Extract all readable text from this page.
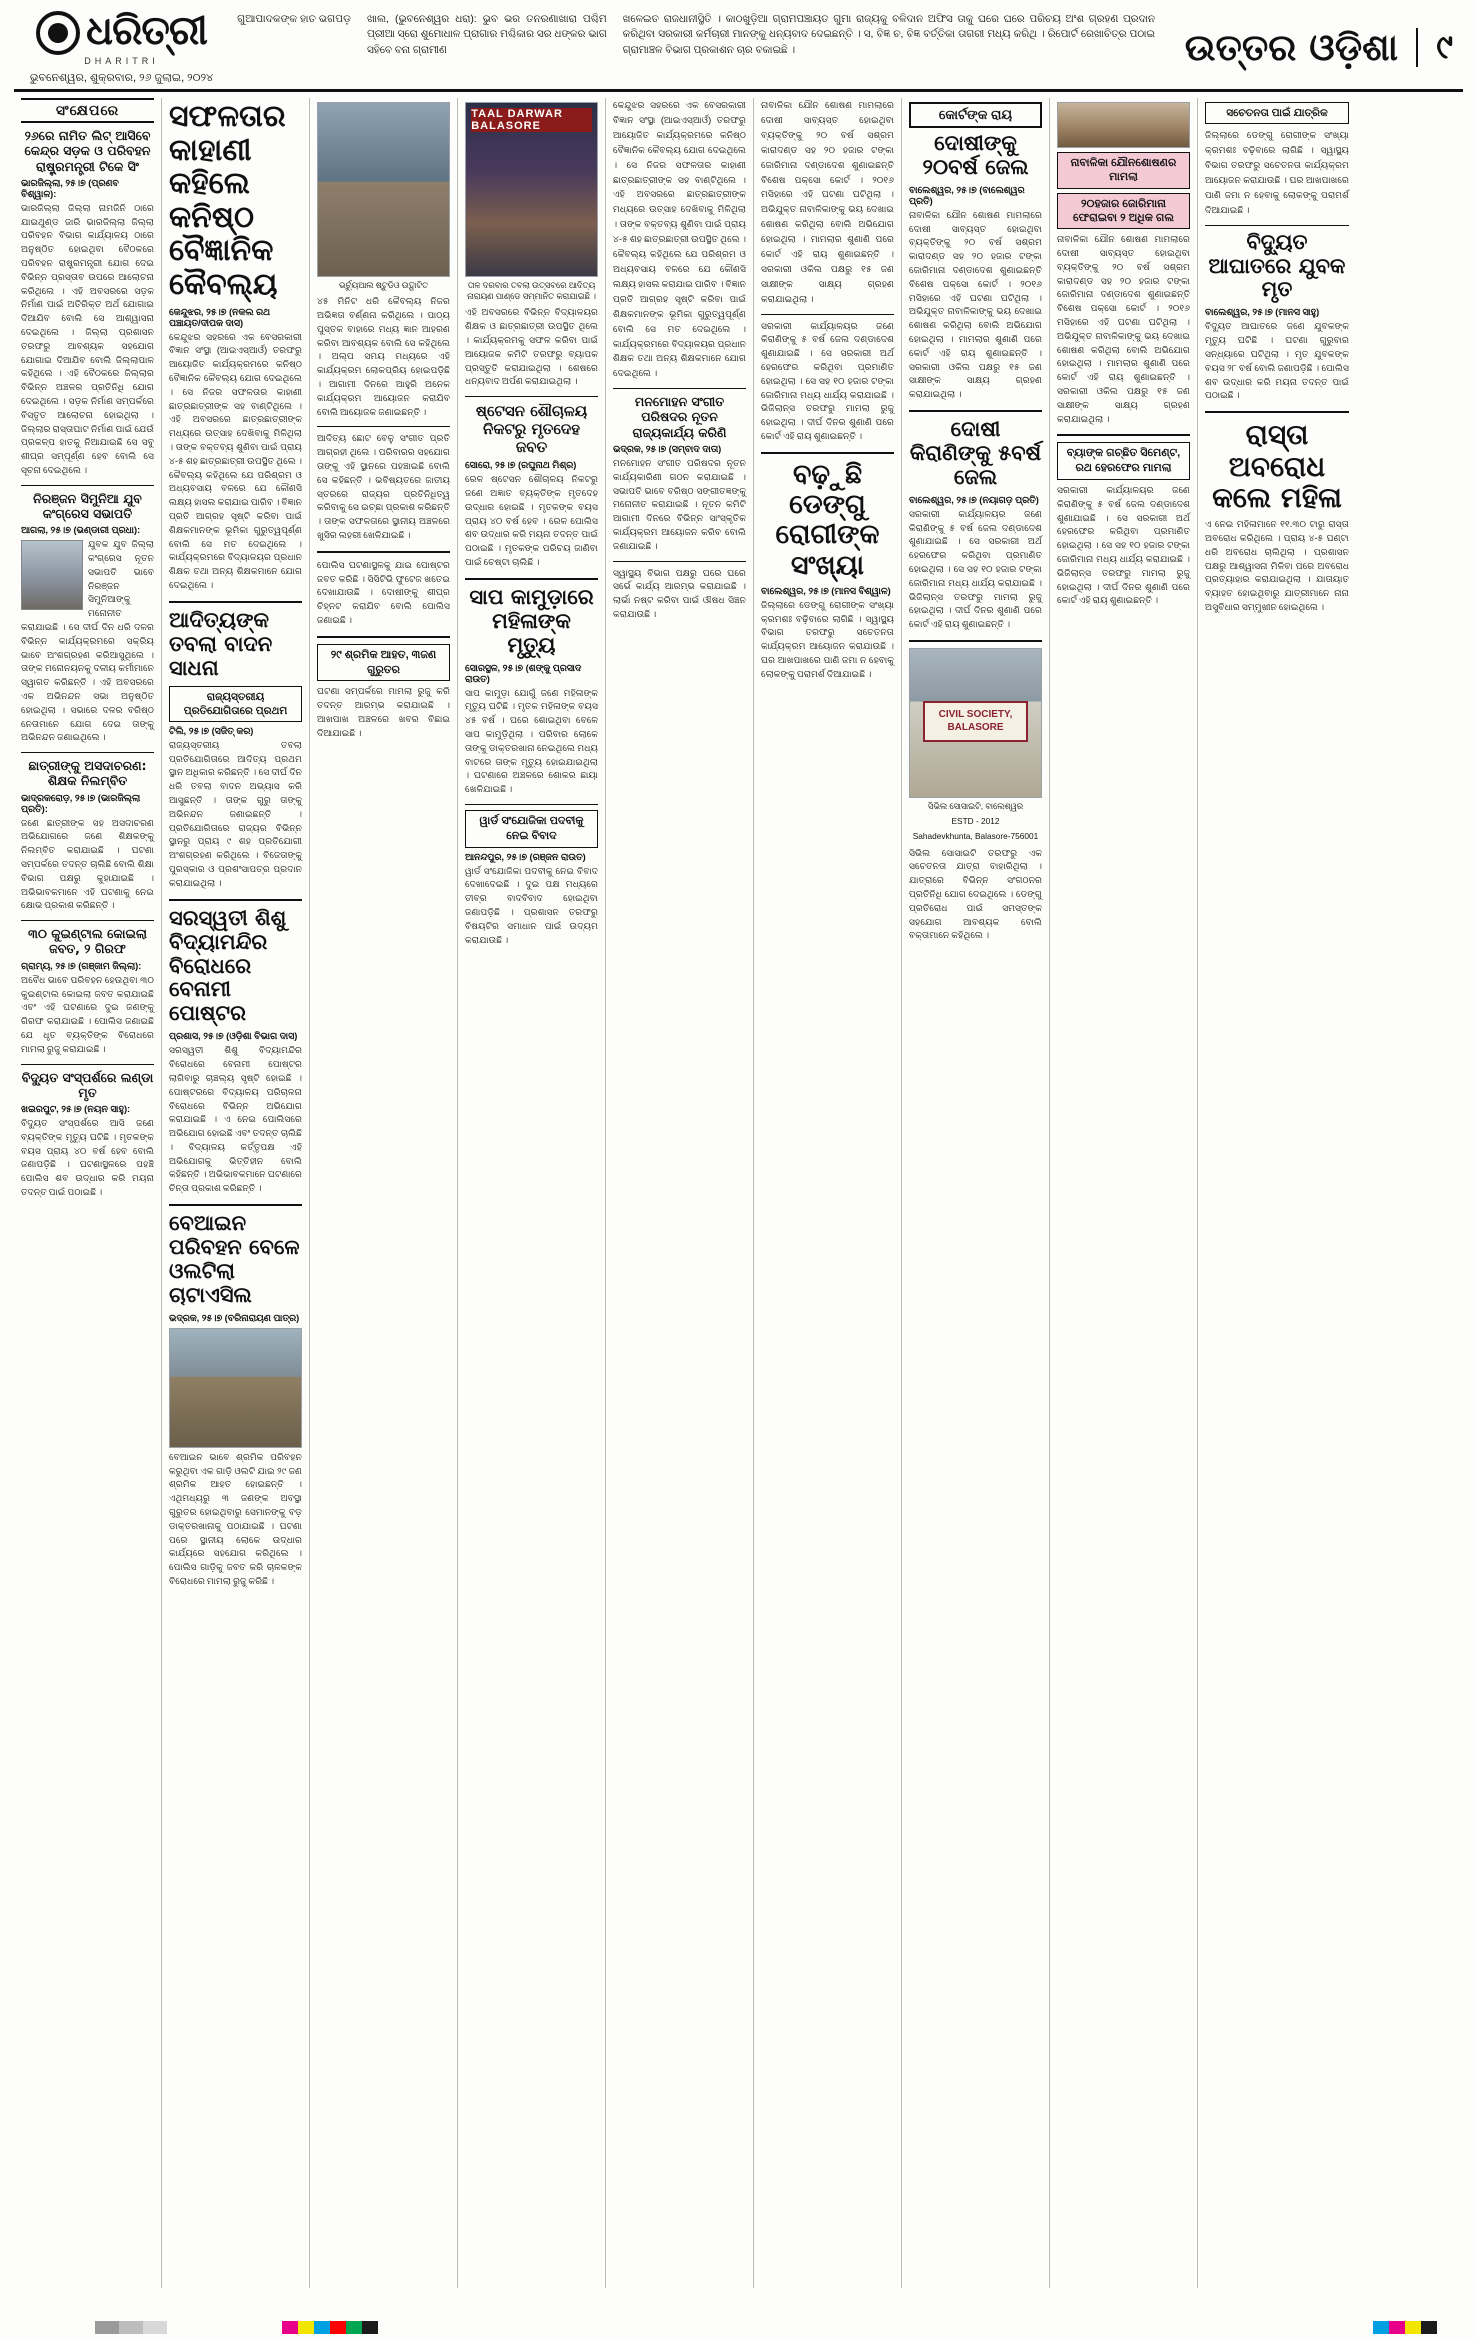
ଧରିତ୍ରୀ
DHARITRI
ଭୁବନେଶ୍ୱର, ଶୁକ୍ରବାର, ୨୬ ଜୁଲାଇ, ୨୦୨୪
ଗୁଆପାଦକଙ୍କ ହାତ ଭଗପଡ଼	ଖାଲ, (ଭୁବନେଶ୍ୱର ଧରା): ଭୁବ ଭର ତନରଣାଖାରା ପଶ୍ଚିମ ପ୍ରୀଆ ସ୍ରୋ ଶୁମୋଧାଳ ପ୍ରାଗାର ମଶ୍ଚିକାର ସର ଧଙ୍କର ଭାଗ ସହିବେ ବନା ଗ୍ରାମୀଣ
ଖଳେଇତ ରାଜଧାନୀସ୍ଥିତି । କାଠଖୁଡ଼ିଆ ଗ୍ରାମପଞ୍ଚାୟତ ଗୁମା ରାଜ୍ୟକୁ ବଳିଦାନ ଅଫିସ ତାକୁ ଘରେ ଘରେ ପରିଚୟ ଅଂଶ ଗ୍ରହଣ ପ୍ରଦାନ କରିଥିବା ସରକାରୀ କର୍ମଚାରୀ ମାନଙ୍କୁ ଧନ୍ୟବାଦ ଦେଇଛନ୍ତି । ସ, ବିଜ୍ଞ ଚ, ବିଜ୍ଞ ବର୍ତ୍ତିକା ତାଗରୀ ମଧ୍ୟ କରିଥି । ରିପୋର୍ଟ ରେଖାଚିତ୍ର ପଠାଇ ଗ୍ରାମାଞ୍ଚଳ ବିଭାଗ ପ୍ରକାଶନ ଚାର ବକାଇଛି ।	ଉତ୍ତର ଓଡ଼ିଶା	୯
ସଂକ୍ଷେପରେ
୨୬ରେ ନାମିତ ଲିଟ୍ ଆସିବେ କେନ୍ଦ୍ର ସଡ଼କ ଓ ପରିବହନ ରାଷ୍ଟ୍ରମନ୍ତ୍ରୀ ଟିକେ ସିଂ
ଭାରଜିଲ୍ଲା, ୨୫।୭ (ପ୍ରଣବ ବିଶ୍ୱାଳ):
ଭାରଜିଲ୍ଲା ଜିଲ୍ଲା ନାମଜିନି ଠାରେ ଯାଇଥୁଣ୍ଡ ଜାରି ଭାରଜିଲ୍ଲା ଜିଲ୍ଲା ପରିବହନ ବିଭାଗ କାର୍ଯ୍ୟାଳୟ ଠାରେ ଅନୁଷ୍ଠିତ ହୋଇଥିବା ବୈଠକରେ ପରିବହନ ରାଷ୍ଟ୍ରମନ୍ତ୍ରୀ ଯୋଗ ଦେଇ ବିଭିନ୍ନ ପ୍ରସ୍ତାବ ଉପରେ ଆଲୋଚନା କରିଥିଲେ । ଏହି ଅବସରରେ ସଡ଼କ ନିର୍ମାଣ ପାଇଁ ଅତିରିକ୍ତ ଅର୍ଥ ଯୋଗାଇ ଦିଆଯିବ ବୋଲି ସେ ଆଶ୍ୱାସନା ଦେଇଥିଲେ । ଜିଲ୍ଲା ପ୍ରଶାସନ ତରଫରୁ ଆବଶ୍ୟକ ସହଯୋଗ ଯୋଗାଇ ଦିଆଯିବ ବୋଲି ଜିଲ୍ଲାପାଳ କହିଥିଲେ । ଏହି ବୈଠକରେ ଜିଲ୍ଲାର ବିଭିନ୍ନ ଅଞ୍ଚଳର ପ୍ରତିନିଧି ଯୋଗ ଦେଇଥିଲେ । ସଡ଼କ ନିର୍ମାଣ ସମ୍ପର୍କରେ ବିସ୍ତୃତ ଆଲୋଚନା ହୋଇଥିଲା । ଜିଲ୍ଲାର ରାସ୍ତାଘାଟ ନିର୍ମାଣ ପାଇଁ ଯେଉଁ ପ୍ରକଳ୍ପ ହାତକୁ ନିଆଯାଇଛି ସେ ସବୁ ଶୀଘ୍ର ସମ୍ପୂର୍ଣ୍ଣ ହେବ ବୋଲି ସେ ସୂଚନା ଦେଇଥିଲେ ।
ନିରଞ୍ଜନ ସିମୁନିଆ ଯୁବ କଂଗ୍ରେସ ସଭାପତି
ଆଗଲା, ୨୫।୭ (ଭଣ୍ଡାରୀ ପ୍ରଧା):
ଯୁବକ ଯୁବ ଜିଲ୍ଲା କଂଗ୍ରେସ ନୂତନ ସଭାପତି ଭାବେ ନିରଞ୍ଜନ ସିମୁନିଆଙ୍କୁ ମନୋନୀତ କରାଯାଇଛି । ସେ ଦୀର୍ଘ ଦିନ ଧରି ଦଳର ବିଭିନ୍ନ କାର୍ଯ୍ୟକ୍ରମରେ ସକ୍ରିୟ ଭାବେ ଅଂଶଗ୍ରହଣ କରିଆସୁଥିଲେ । ତାଙ୍କ ମନୋନୟନକୁ ଦଳୀୟ କର୍ମୀମାନେ ସ୍ୱାଗତ କରିଛନ୍ତି । ଏହି ଅବସରରେ ଏକ ଅଭିନନ୍ଦନ ସଭା ଅନୁଷ୍ଠିତ ହୋଇଥିଲା । ସଭାରେ ଦଳର ବରିଷ୍ଠ ନେତାମାନେ ଯୋଗ ଦେଇ ତାଙ୍କୁ ଅଭିନନ୍ଦନ ଜଣାଇଥିଲେ ।
ଛାତ୍ରୀଙ୍କୁ ଅସଦାଚରଣ: ଶିକ୍ଷକ ନିଲମ୍ବିତ
ଭାଦ୍ରକରୋଡ଼, ୨୫।୭ (ଭାରଜିଲ୍ଲା ପ୍ରତି):
ଜଣେ ଛାତ୍ରୀଙ୍କ ସହ ଅସଦାଚରଣ ଅଭିଯୋଗରେ ଜଣେ ଶିକ୍ଷକଙ୍କୁ ନିଲମ୍ବିତ କରାଯାଇଛି । ଘଟଣା ସମ୍ପର୍କରେ ତଦନ୍ତ ଚାଲିଛି ବୋଲି ଶିକ୍ଷା ବିଭାଗ ପକ୍ଷରୁ କୁହାଯାଇଛି । ଅଭିଭାବକମାନେ ଏହି ଘଟଣାକୁ ନେଇ କ୍ଷୋଭ ପ୍ରକାଶ କରିଛନ୍ତି ।
୩୦ କୁଇଣ୍ଟାଲ କୋଇଲା ଜବତ, ୨ ଗିରଫ
ଗ୍ରାମ୍ୟ, ୨୫।୭ (ଗଞ୍ଜାମ ଜିଲ୍ଲା):
ଅବୈଧ ଭାବେ ପରିବହନ ହେଉଥିବା ୩୦ କୁଇଣ୍ଟାଲ କୋଇଲା ଜବତ କରାଯାଇଛି ଏବଂ ଏହି ଘଟଣାରେ ଦୁଇ ଜଣଙ୍କୁ ଗିରଫ କରାଯାଇଛି । ପୋଲିସ ଜଣାଇଛି ଯେ ଧୃତ ବ୍ୟକ୍ତିଙ୍କ ବିରୋଧରେ ମାମଲା ରୁଜୁ କରାଯାଇଛି ।
ବିଦ୍ୟୁତ ସଂସ୍ପର୍ଶରେ ଲଣ୍ଡା ମୃତ
ଖଇରପୁଟ, ୨୫।୭ (ନୟନ ସାହୁ):
ବିଦ୍ୟୁତ ସଂସ୍ପର୍ଶରେ ଆସି ଜଣେ ବ୍ୟକ୍ତିଙ୍କ ମୃତ୍ୟୁ ଘଟିଛି । ମୃତକଙ୍କ ବୟସ ପ୍ରାୟ ୪୦ ବର୍ଷ ହେବ ବୋଲି ଜଣାପଡ଼ିଛି । ଘଟଣାସ୍ଥଳରେ ପହଞ୍ଚି ପୋଲିସ ଶବ ଉଦ୍ଧାର କରି ମୟନା ତଦନ୍ତ ପାଇଁ ପଠାଇଛି ।
ସଫଳତାର କାହାଣୀ କହିଲେ କନିଷ୍ଠ ବୈଜ୍ଞାନିକ କୈବଲ୍ୟ
କେନ୍ଦୁଝର, ୨୫।୭ (ନକଲ ରଥ ପଞ୍ଚାୟତ/ଦୀପକ ଦାସ)
କେନ୍ଦୁଝର ସହରରେ ଏକ ବେସରକାରୀ ବିଜ୍ଞାନ ସଂସ୍ଥା (ଆଇଏସ୍ଆର୍ଓ) ତରଫରୁ ଆୟୋଜିତ କାର୍ଯ୍ୟକ୍ରମରେ କନିଷ୍ଠ ବୈଜ୍ଞାନିକ କୈବଲ୍ୟ ଯୋଗ ଦେଇଥିଲେ । ସେ ନିଜର ସଫଳତାର କାହାଣୀ ଛାତ୍ରଛାତ୍ରୀଙ୍କ ସହ ବାଣ୍ଟିଥିଲେ । ଏହି ଅବସରରେ ଛାତ୍ରଛାତ୍ରୀଙ୍କ ମଧ୍ୟରେ ଉତ୍ସାହ ଦେଖିବାକୁ ମିଳିଥିଲା । ତାଙ୍କ ବକ୍ତବ୍ୟ ଶୁଣିବା ପାଇଁ ପ୍ରାୟ ୪-୫ ଶହ ଛାତ୍ରଛାତ୍ରୀ ଉପସ୍ଥିତ ଥିଲେ । କୈବଲ୍ୟ କହିଥିଲେ ଯେ ପରିଶ୍ରମ ଓ ଅଧ୍ୟବସାୟ ବଳରେ ଯେ କୌଣସି ଲକ୍ଷ୍ୟ ହାସଲ କରାଯାଇ ପାରିବ । ବିଜ୍ଞାନ ପ୍ରତି ଆଗ୍ରହ ସୃଷ୍ଟି କରିବା ପାଇଁ ଶିକ୍ଷକମାନଙ୍କ ଭୂମିକା ଗୁରୁତ୍ୱପୂର୍ଣ୍ଣ ବୋଲି ସେ ମତ ଦେଇଥିଲେ । କାର୍ଯ୍ୟକ୍ରମରେ ବିଦ୍ୟାଳୟର ପ୍ରଧାନ ଶିକ୍ଷକ ତଥା ଅନ୍ୟ ଶିକ୍ଷକମାନେ ଯୋଗ ଦେଇଥିଲେ ।
ଆଦିତ୍ୟଙ୍କ ତବଲା ବାଦନ ସାଧନା
ରାଜ୍ୟସ୍ତରୀୟ ପ୍ରତିଯୋଗିତାରେ ପ୍ରଥମ
ଟିଲି, ୨୫।୭ (ସଜିତ୍ କର)
ରାଜ୍ୟସ୍ତରୀୟ ତବଲା ପ୍ରତିଯୋଗିତାରେ ଆଦିତ୍ୟ ପ୍ରଥମ ସ୍ଥାନ ଅଧିକାର କରିଛନ୍ତି । ସେ ଦୀର୍ଘ ଦିନ ଧରି ତବଲା ବାଦନ ଅଭ୍ୟାସ କରି ଆସୁଛନ୍ତି । ତାଙ୍କ ଗୁରୁ ତାଙ୍କୁ ଅଭିନନ୍ଦନ ଜଣାଇଛନ୍ତି । ପ୍ରତିଯୋଗିତାରେ ରାଜ୍ୟର ବିଭିନ୍ନ ସ୍ଥାନରୁ ପ୍ରାୟ ୯ ଶହ ପ୍ରତିଯୋଗୀ ଅଂଶଗ୍ରହଣ କରିଥିଲେ । ବିଜେତାଙ୍କୁ ପୁରସ୍କାର ଓ ପ୍ରଶଂସାପତ୍ର ପ୍ରଦାନ କରାଯାଇଥିଲା ।
ସରସ୍ୱତୀ ଶିଶୁ ବିଦ୍ୟାମନ୍ଦିର ବିରୋଧରେ ବେନାମୀ ପୋଷ୍ଟର
ପ୍ରଶାସ, ୨୫।୭ (ଓଡ଼ିଶା ବିଭାଗ ଦାସ)
ସରସ୍ୱତୀ ଶିଶୁ ବିଦ୍ୟାମନ୍ଦିର ବିରୋଧରେ ବେନାମୀ ପୋଷ୍ଟର ଲାଗିବାରୁ ଚାଞ୍ଚଲ୍ୟ ସୃଷ୍ଟି ହୋଇଛି । ପୋଷ୍ଟରରେ ବିଦ୍ୟାଳୟ ପରିଚାଳନା ବିରୋଧରେ ବିଭିନ୍ନ ଅଭିଯୋଗ କରାଯାଇଛି । ଏ ନେଇ ପୋଲିସରେ ଅଭିଯୋଗ ହୋଇଛି ଏବଂ ତଦନ୍ତ ଚାଲିଛି । ବିଦ୍ୟାଳୟ କର୍ତ୍ତୃପକ୍ଷ ଏହି ଅଭିଯୋଗକୁ ଭିତ୍ତିହୀନ ବୋଲି କହିଛନ୍ତି । ଅଭିଭାବକମାନେ ଘଟଣାରେ ଚିନ୍ତା ପ୍ରକାଶ କରିଛନ୍ତି ।
ବେଆଇନ ପରିବହନ ବେଳେ ଓଲଟିଲା ଚାଟାଏସିଲ
ଭଦ୍ରକ, ୨୫।୭ (ବରିନାରାୟଣ ପାତ୍ର)
ବେଆଇନ ଭାବେ ଶ୍ରମିକ ପରିବହନ କରୁଥିବା ଏକ ଗାଡ଼ି ଓଲଟି ଯାଇ ୨୯ ଜଣ ଶ୍ରମିକ ଆହତ ହୋଇଛନ୍ତି । ଏଥିମଧ୍ୟରୁ ୩ ଜଣଙ୍କ ଅବସ୍ଥା ଗୁରୁତର ହୋଇଥିବାରୁ ସେମାନଙ୍କୁ ବଡ଼ ଡାକ୍ତରଖାନାକୁ ପଠାଯାଇଛି । ଘଟଣା ପରେ ସ୍ଥାନୀୟ ଲୋକେ ଉଦ୍ଧାର କାର୍ଯ୍ୟରେ ସହଯୋଗ କରିଥିଲେ । ପୋଲିସ ଗାଡ଼ିକୁ ଜବତ କରି ଚାଳକଙ୍କ ବିରୋଧରେ ମାମଲା ରୁଜୁ କରିଛି ।
ଭର୍ଚ୍ୟୁଆଲ ଷ୍ଟୁଡିଓ ଉଦ୍ଘାଟିତ
୪୫ ମିନିଟ ଧରି କୈବଲ୍ୟ ନିଜର ଅଭିଜ୍ଞତା ବର୍ଣ୍ଣନା କରିଥିଲେ । ପାଠ୍ୟ ପୁସ୍ତକ ବାହାରେ ମଧ୍ୟ ଜ୍ଞାନ ଆହରଣ କରିବା ଆବଶ୍ୟକ ବୋଲି ସେ କହିଥିଲେ । ଅଲ୍ପ ସମୟ ମଧ୍ୟରେ ଏହି କାର୍ଯ୍ୟକ୍ରମ ଲୋକପ୍ରିୟ ହୋଇପଡ଼ିଛି । ଆଗାମୀ ଦିନରେ ଆହୁରି ଅନେକ କାର୍ଯ୍ୟକ୍ରମ ଆୟୋଜନ କରାଯିବ ବୋଲି ଆୟୋଜକ ଜଣାଇଛନ୍ତି ।
ଆଦିତ୍ୟ ଛୋଟ ବେଳୁ ସଂଗୀତ ପ୍ରତି ଆଗ୍ରହୀ ଥିଲେ । ପରିବାରର ସହଯୋଗ ତାଙ୍କୁ ଏହି ସ୍ଥାନରେ ପହଞ୍ଚାଇଛି ବୋଲି ସେ କହିଛନ୍ତି । ଭବିଷ୍ୟତରେ ଜାତୀୟ ସ୍ତରରେ ରାଜ୍ୟର ପ୍ରତିନିଧିତ୍ୱ କରିବାକୁ ସେ ଇଚ୍ଛା ପ୍ରକାଶ କରିଛନ୍ତି । ତାଙ୍କ ସଫଳତାରେ ସ୍ଥାନୀୟ ଅଞ୍ଚଳରେ ଖୁସିର ଲହରୀ ଖେଳିଯାଇଛି ।
ପୋଲିସ ଘଟଣାସ୍ଥଳକୁ ଯାଇ ପୋଷ୍ଟର ଜବତ କରିଛି । ସିସିଟିଭି ଫୁଟେଜ ଖତେଇ ଦେଖାଯାଉଛି । ଦୋଷୀଙ୍କୁ ଶୀଘ୍ର ଚିହ୍ନଟ କରାଯିବ ବୋଲି ପୋଲିସ ଜଣାଇଛି ।
୨୯ ଶ୍ରମିକ ଆହତ, ୩ଜଣ ଗୁରୁତର
ଘଟଣା ସମ୍ପର୍କରେ ମାମଲା ରୁଜୁ କରି ତଦନ୍ତ ଆରମ୍ଭ କରାଯାଇଛି । ଆଖପାଖ ଅଞ୍ଚଳରେ ଖବର ବିଛାଇ ଦିଆଯାଇଛି ।
TAAL DARWAR BALASORE
ତାଳ ଦରବାର ତବଲା ଉତ୍ସବରେ ଆଦିତ୍ୟ ନାରାୟଣ ପାଣ୍ଡେ ସମ୍ମାନିତ କରାଯାଇଛି ।
ଏହି ଅବସରରେ ବିଭିନ୍ନ ବିଦ୍ୟାଳୟର ଶିକ୍ଷକ ଓ ଛାତ୍ରଛାତ୍ରୀ ଉପସ୍ଥିତ ଥିଲେ । କାର୍ଯ୍ୟକ୍ରମକୁ ସଫଳ କରିବା ପାଇଁ ଆୟୋଜକ କମିଟି ତରଫରୁ ବ୍ୟାପକ ପ୍ରସ୍ତୁତି କରାଯାଇଥିଲା । ଶେଷରେ ଧନ୍ୟବାଦ ଅର୍ପଣ କରାଯାଇଥିଲା ।
ଷ୍ଟେସନ ଶୌଚାଳୟ ନିକଟରୁ ମୃତଦେହ ଜବତ
ସୋରୋ, ୨୫।୭ (ରଘୁନାଥ ମିଶ୍ର)
ରେଳ ଷ୍ଟେସନ ଶୌଚାଳୟ ନିକଟରୁ ଜଣେ ଅଜ୍ଞାତ ବ୍ୟକ୍ତିଙ୍କ ମୃତଦେହ ଉଦ୍ଧାର ହୋଇଛି । ମୃତକଙ୍କ ବୟସ ପ୍ରାୟ ୪୦ ବର୍ଷ ହେବ । ରେଳ ପୋଲିସ ଶବ ଉଦ୍ଧାର କରି ମୟନା ତଦନ୍ତ ପାଇଁ ପଠାଇଛି । ମୃତକଙ୍କ ପରିଚୟ ଜାଣିବା ପାଇଁ ଚେଷ୍ଟା ଚାଲିଛି ।
ସାପ କାମୁଡ଼ାରେ ମହିଳାଙ୍କ ମୃତ୍ୟୁ
ସୋରସ୍ଥଳ, ୨୫।୭ (ଶଙ୍କୁ ପ୍ରସାଦ ରାଉତ)
ସାପ କାମୁଡ଼ା ଯୋଗୁଁ ଜଣେ ମହିଳାଙ୍କ ମୃତ୍ୟୁ ଘଟିଛି । ମୃତକ ମହିଳାଙ୍କ ବୟସ ୪୫ ବର୍ଷ । ଘରେ ଶୋଇଥିବା ବେଳେ ସାପ କାମୁଡ଼ିଥିଲା । ପରିବାର ଲୋକେ ତାଙ୍କୁ ଡାକ୍ତରଖାନା ନେଇଥିଲେ ମଧ୍ୟ ବାଟରେ ତାଙ୍କ ମୃତ୍ୟୁ ହୋଇଯାଇଥିଲା । ଘଟଣାରେ ଅଞ୍ଚଳରେ ଶୋକର ଛାୟା ଖେଳିଯାଇଛି ।
ୱାର୍ଡ ସଂଯୋଜିକା ପଦବୀକୁ ନେଇ ବିବାଦ
ଆନନ୍ଦପୁର, ୨୫।୭ (ରଞ୍ଜନ ରାଉତ)
ୱାର୍ଡ ସଂଯୋଜିକା ପଦବୀକୁ ନେଇ ବିବାଦ ଦେଖାଦେଇଛି । ଦୁଇ ପକ୍ଷ ମଧ୍ୟରେ ତୀବ୍ର ବାଦବିବାଦ ହୋଇଥିବା ଜଣାପଡ଼ିଛି । ପ୍ରଶାସନ ତରଫରୁ ବିଷୟଟିର ସମାଧାନ ପାଇଁ ଉଦ୍ୟମ କରାଯାଉଛି ।
କେନ୍ଦୁଝର ସହରରେ ଏକ ବେସରକାରୀ ବିଜ୍ଞାନ ସଂସ୍ଥା (ଆଇଏସ୍ଆର୍ଓ) ତରଫରୁ ଆୟୋଜିତ କାର୍ଯ୍ୟକ୍ରମରେ କନିଷ୍ଠ ବୈଜ୍ଞାନିକ କୈବଲ୍ୟ ଯୋଗ ଦେଇଥିଲେ । ସେ ନିଜର ସଫଳତାର କାହାଣୀ ଛାତ୍ରଛାତ୍ରୀଙ୍କ ସହ ବାଣ୍ଟିଥିଲେ । ଏହି ଅବସରରେ ଛାତ୍ରଛାତ୍ରୀଙ୍କ ମଧ୍ୟରେ ଉତ୍ସାହ ଦେଖିବାକୁ ମିଳିଥିଲା । ତାଙ୍କ ବକ୍ତବ୍ୟ ଶୁଣିବା ପାଇଁ ପ୍ରାୟ ୪-୫ ଶହ ଛାତ୍ରଛାତ୍ରୀ ଉପସ୍ଥିତ ଥିଲେ । କୈବଲ୍ୟ କହିଥିଲେ ଯେ ପରିଶ୍ରମ ଓ ଅଧ୍ୟବସାୟ ବଳରେ ଯେ କୌଣସି ଲକ୍ଷ୍ୟ ହାସଲ କରାଯାଇ ପାରିବ । ବିଜ୍ଞାନ ପ୍ରତି ଆଗ୍ରହ ସୃଷ୍ଟି କରିବା ପାଇଁ ଶିକ୍ଷକମାନଙ୍କ ଭୂମିକା ଗୁରୁତ୍ୱପୂର୍ଣ୍ଣ ବୋଲି ସେ ମତ ଦେଇଥିଲେ । କାର୍ଯ୍ୟକ୍ରମରେ ବିଦ୍ୟାଳୟର ପ୍ରଧାନ ଶିକ୍ଷକ ତଥା ଅନ୍ୟ ଶିକ୍ଷକମାନେ ଯୋଗ ଦେଇଥିଲେ ।
ମନମୋହନ ସଂଗୀତ ପରିଷଦର ନୂତନ ରାଜ୍ୟକାର୍ଯ୍ୟ କରିଣି
ଭଦ୍ରକ, ୨୫।୭ (ସମ୍ବାଦ ଦାତା)
ମନମୋହନ ସଂଗୀତ ପରିଷଦର ନୂତନ କାର୍ଯ୍ୟକାରିଣୀ ଗଠନ କରାଯାଇଛି । ସଭାପତି ଭାବେ ବରିଷ୍ଠ ସଙ୍ଗୀତଜ୍ଞଙ୍କୁ ମନୋନୀତ କରାଯାଇଛି । ନୂତନ କମିଟି ଆଗାମୀ ଦିନରେ ବିଭିନ୍ନ ସାଂସ୍କୃତିକ କାର୍ଯ୍ୟକ୍ରମ ଆୟୋଜନ କରିବ ବୋଲି ଜଣାଯାଇଛି ।
ସ୍ୱାସ୍ଥ୍ୟ ବିଭାଗ ପକ୍ଷରୁ ଘରେ ଘରେ ସର୍ଭେ କାର୍ଯ୍ୟ ଆରମ୍ଭ କରାଯାଇଛି । ଲାର୍ଭା ନଷ୍ଟ କରିବା ପାଇଁ ଔଷଧ ସିଞ୍ଚନ କରାଯାଉଛି ।
ନାବାଳିକା ଯୌନ ଶୋଷଣ ମାମଲାରେ ଦୋଷୀ ସାବ୍ୟସ୍ତ ହୋଇଥିବା ବ୍ୟକ୍ତିଙ୍କୁ ୨୦ ବର୍ଷ ସଶ୍ରମ କାରାଦଣ୍ଡ ସହ ୨୦ ହଜାର ଟଙ୍କା ଜୋରିମାନା ଦଣ୍ଡାଦେଶ ଶୁଣାଇଛନ୍ତି ବିଶେଷ ପକ୍ସୋ କୋର୍ଟ । ୨୦୧୬ ମସିହାରେ ଏହି ଘଟଣା ଘଟିଥିଲା । ଅଭିଯୁକ୍ତ ନାବାଳିକାଙ୍କୁ ଭୟ ଦେଖାଇ ଶୋଷଣ କରିଥିଲା ବୋଲି ଅଭିଯୋଗ ହୋଇଥିଲା । ମାମଲାର ଶୁଣାଣି ପରେ କୋର୍ଟ ଏହି ରାୟ ଶୁଣାଇଛନ୍ତି । ସରକାରୀ ଓକିଲ ପକ୍ଷରୁ ୧୫ ଜଣ ସାକ୍ଷୀଙ୍କ ସାକ୍ଷ୍ୟ ଗ୍ରହଣ କରାଯାଇଥିଲା ।
ସରକାରୀ କାର୍ଯ୍ୟାଳୟର ଜଣେ କିରାଣିଙ୍କୁ ୫ ବର୍ଷ ଜେଲ ଦଣ୍ଡାଦେଶ ଶୁଣାଯାଇଛି । ସେ ସରକାରୀ ଅର୍ଥ ହେରଫେର କରିଥିବା ପ୍ରମାଣିତ ହୋଇଥିଲା । ସେ ସହ ୧୦ ହଜାର ଟଙ୍କା ଜୋରିମାନା ମଧ୍ୟ ଧାର୍ଯ୍ୟ କରାଯାଇଛି । ଭିଜିଲାନ୍ସ ତରଫରୁ ମାମଲା ରୁଜୁ ହୋଇଥିଲା । ଦୀର୍ଘ ଦିନର ଶୁଣାଣି ପରେ କୋର୍ଟ ଏହି ରାୟ ଶୁଣାଇଛନ୍ତି ।
ବଢ଼ୁଛି ଡେଙ୍ଗୁ ରୋଗୀଙ୍କ ସଂଖ୍ୟା
ବାଲେଶ୍ୱର, ୨୫।୭ (ମାନସ ବିଶ୍ୱାଳ)
ଜିଲ୍ଲାରେ ଡେଙ୍ଗୁ ରୋଗୀଙ୍କ ସଂଖ୍ୟା କ୍ରମଶଃ ବଢ଼ିବାରେ ଲାଗିଛି । ସ୍ୱାସ୍ଥ୍ୟ ବିଭାଗ ତରଫରୁ ସଚେତନତା କାର୍ଯ୍ୟକ୍ରମ ଆୟୋଜନ କରାଯାଉଛି । ଘର ଆଖପାଖରେ ପାଣି ଜମା ନ ହେବାକୁ ଲୋକଙ୍କୁ ପରାମର୍ଶ ଦିଆଯାଇଛି ।
କୋର୍ଟଙ୍କ ରାୟ
ଦୋଷୀଙ୍କୁ ୨୦ବର୍ଷ ଜେଲ
ବାଲେଶ୍ୱର, ୨୫।୭ (ବାଲେଶ୍ୱର ପ୍ରତି)
ନାବାଳିକା ଯୌନ ଶୋଷଣ ମାମଲାରେ ଦୋଷୀ ସାବ୍ୟସ୍ତ ହୋଇଥିବା ବ୍ୟକ୍ତିଙ୍କୁ ୨୦ ବର୍ଷ ସଶ୍ରମ କାରାଦଣ୍ଡ ସହ ୨୦ ହଜାର ଟଙ୍କା ଜୋରିମାନା ଦଣ୍ଡାଦେଶ ଶୁଣାଇଛନ୍ତି ବିଶେଷ ପକ୍ସୋ କୋର୍ଟ । ୨୦୧୬ ମସିହାରେ ଏହି ଘଟଣା ଘଟିଥିଲା । ଅଭିଯୁକ୍ତ ନାବାଳିକାଙ୍କୁ ଭୟ ଦେଖାଇ ଶୋଷଣ କରିଥିଲା ବୋଲି ଅଭିଯୋଗ ହୋଇଥିଲା । ମାମଲାର ଶୁଣାଣି ପରେ କୋର୍ଟ ଏହି ରାୟ ଶୁଣାଇଛନ୍ତି । ସରକାରୀ ଓକିଲ ପକ୍ଷରୁ ୧୫ ଜଣ ସାକ୍ଷୀଙ୍କ ସାକ୍ଷ୍ୟ ଗ୍ରହଣ କରାଯାଇଥିଲା ।
ଦୋଷୀ କିରାଣିଙ୍କୁ ୫ବର୍ଷ ଜେଲ
ବାଲେଶ୍ୱର, ୨୫।୭ (ନୟାଗଡ଼ ପ୍ରତି)
ସରକାରୀ କାର୍ଯ୍ୟାଳୟର ଜଣେ କିରାଣିଙ୍କୁ ୫ ବର୍ଷ ଜେଲ ଦଣ୍ଡାଦେଶ ଶୁଣାଯାଇଛି । ସେ ସରକାରୀ ଅର୍ଥ ହେରଫେର କରିଥିବା ପ୍ରମାଣିତ ହୋଇଥିଲା । ସେ ସହ ୧୦ ହଜାର ଟଙ୍କା ଜୋରିମାନା ମଧ୍ୟ ଧାର୍ଯ୍ୟ କରାଯାଇଛି । ଭିଜିଲାନ୍ସ ତରଫରୁ ମାମଲା ରୁଜୁ ହୋଇଥିଲା । ଦୀର୍ଘ ଦିନର ଶୁଣାଣି ପରେ କୋର୍ଟ ଏହି ରାୟ ଶୁଣାଇଛନ୍ତି ।
CIVIL SOCIETY, BALASORE
ସିଭିଲ ସୋସାଇଟି, ବାଲେଶ୍ୱର
ESTD - 2012
Sahadevkhunta, Balasore-756001
ସିଭିଲ ସୋସାଇଟି ତରଫରୁ ଏକ ସଚେତନତା ଯାତ୍ରା ବାହାରିଥିଲା । ଯାତ୍ରାରେ ବିଭିନ୍ନ ସଂଗଠନର ପ୍ରତିନିଧି ଯୋଗ ଦେଇଥିଲେ । ଡେଙ୍ଗୁ ପ୍ରତିରୋଧ ପାଇଁ ସମସ୍ତଙ୍କ ସହଯୋଗ ଆବଶ୍ୟକ ବୋଲି ବକ୍ତାମାନେ କହିଥିଲେ ।
ନାବାଳିକା ଯୌନଶୋଷଣର ମାମଲା
୨୦ହଜାର ଜୋରିମାନା ଫେରାଇବା ୨ ଅଧିକ ଗଲ
ନାବାଳିକା ଯୌନ ଶୋଷଣ ମାମଲାରେ ଦୋଷୀ ସାବ୍ୟସ୍ତ ହୋଇଥିବା ବ୍ୟକ୍ତିଙ୍କୁ ୨୦ ବର୍ଷ ସଶ୍ରମ କାରାଦଣ୍ଡ ସହ ୨୦ ହଜାର ଟଙ୍କା ଜୋରିମାନା ଦଣ୍ଡାଦେଶ ଶୁଣାଇଛନ୍ତି ବିଶେଷ ପକ୍ସୋ କୋର୍ଟ । ୨୦୧୬ ମସିହାରେ ଏହି ଘଟଣା ଘଟିଥିଲା । ଅଭିଯୁକ୍ତ ନାବାଳିକାଙ୍କୁ ଭୟ ଦେଖାଇ ଶୋଷଣ କରିଥିଲା ବୋଲି ଅଭିଯୋଗ ହୋଇଥିଲା । ମାମଲାର ଶୁଣାଣି ପରେ କୋର୍ଟ ଏହି ରାୟ ଶୁଣାଇଛନ୍ତି । ସରକାରୀ ଓକିଲ ପକ୍ଷରୁ ୧୫ ଜଣ ସାକ୍ଷୀଙ୍କ ସାକ୍ଷ୍ୟ ଗ୍ରହଣ କରାଯାଇଥିଲା ।
ବ୍ୟାଙ୍କ ଗଚ୍ଛିତ ସିମେଣ୍ଟ, ରଥ ହେରଫେର ମାମଲା
ସରକାରୀ କାର୍ଯ୍ୟାଳୟର ଜଣେ କିରାଣିଙ୍କୁ ୫ ବର୍ଷ ଜେଲ ଦଣ୍ଡାଦେଶ ଶୁଣାଯାଇଛି । ସେ ସରକାରୀ ଅର୍ଥ ହେରଫେର କରିଥିବା ପ୍ରମାଣିତ ହୋଇଥିଲା । ସେ ସହ ୧୦ ହଜାର ଟଙ୍କା ଜୋରିମାନା ମଧ୍ୟ ଧାର୍ଯ୍ୟ କରାଯାଇଛି । ଭିଜିଲାନ୍ସ ତରଫରୁ ମାମଲା ରୁଜୁ ହୋଇଥିଲା । ଦୀର୍ଘ ଦିନର ଶୁଣାଣି ପରେ କୋର୍ଟ ଏହି ରାୟ ଶୁଣାଇଛନ୍ତି ।
ସଚେତନତା ପାଇଁ ଯାତ୍ରିକ
ଜିଲ୍ଲାରେ ଡେଙ୍ଗୁ ରୋଗୀଙ୍କ ସଂଖ୍ୟା କ୍ରମଶଃ ବଢ଼ିବାରେ ଲାଗିଛି । ସ୍ୱାସ୍ଥ୍ୟ ବିଭାଗ ତରଫରୁ ସଚେତନତା କାର୍ଯ୍ୟକ୍ରମ ଆୟୋଜନ କରାଯାଉଛି । ଘର ଆଖପାଖରେ ପାଣି ଜମା ନ ହେବାକୁ ଲୋକଙ୍କୁ ପରାମର୍ଶ ଦିଆଯାଇଛି ।
ବିଦ୍ୟୁତ ଆଘାତରେ ଯୁବକ ମୃତ
ବାଲେଶ୍ୱର, ୨୫।୭ (ମାନସ ସାହୁ)
ବିଦ୍ୟୁତ ଆଘାତରେ ଜଣେ ଯୁବକଙ୍କ ମୃତ୍ୟୁ ଘଟିଛି । ଘଟଣା ଗୁରୁବାର ସନ୍ଧ୍ୟାରେ ଘଟିଥିଲା । ମୃତ ଯୁବକଙ୍କ ବୟସ ୨୮ ବର୍ଷ ବୋଲି ଜଣାପଡ଼ିଛି । ପୋଲିସ ଶବ ଉଦ୍ଧାର କରି ମୟନା ତଦନ୍ତ ପାଇଁ ପଠାଇଛି ।
ରାସ୍ତା ଅବରୋଧ କଲେ ମହିଳା
ଏ ନେଇ ମହିଳାମାନେ ୧୧.୩୦ ଟାରୁ ରାସ୍ତା ଅବରୋଧ କରିଥିଲେ । ପ୍ରାୟ ୪-୫ ଘଣ୍ଟା ଧରି ଅବରୋଧ ଚାଲିଥିଲା । ପ୍ରଶାସନ ପକ୍ଷରୁ ଆଶ୍ୱାସନା ମିଳିବା ପରେ ଅବରୋଧ ପ୍ରତ୍ୟାହାର କରାଯାଇଥିଲା । ଯାତାୟାତ ବ୍ୟାହତ ହୋଇଥିବାରୁ ଯାତ୍ରୀମାନେ ନାନା ଅସୁବିଧାର ସମ୍ମୁଖୀନ ହୋଇଥିଲେ ।
